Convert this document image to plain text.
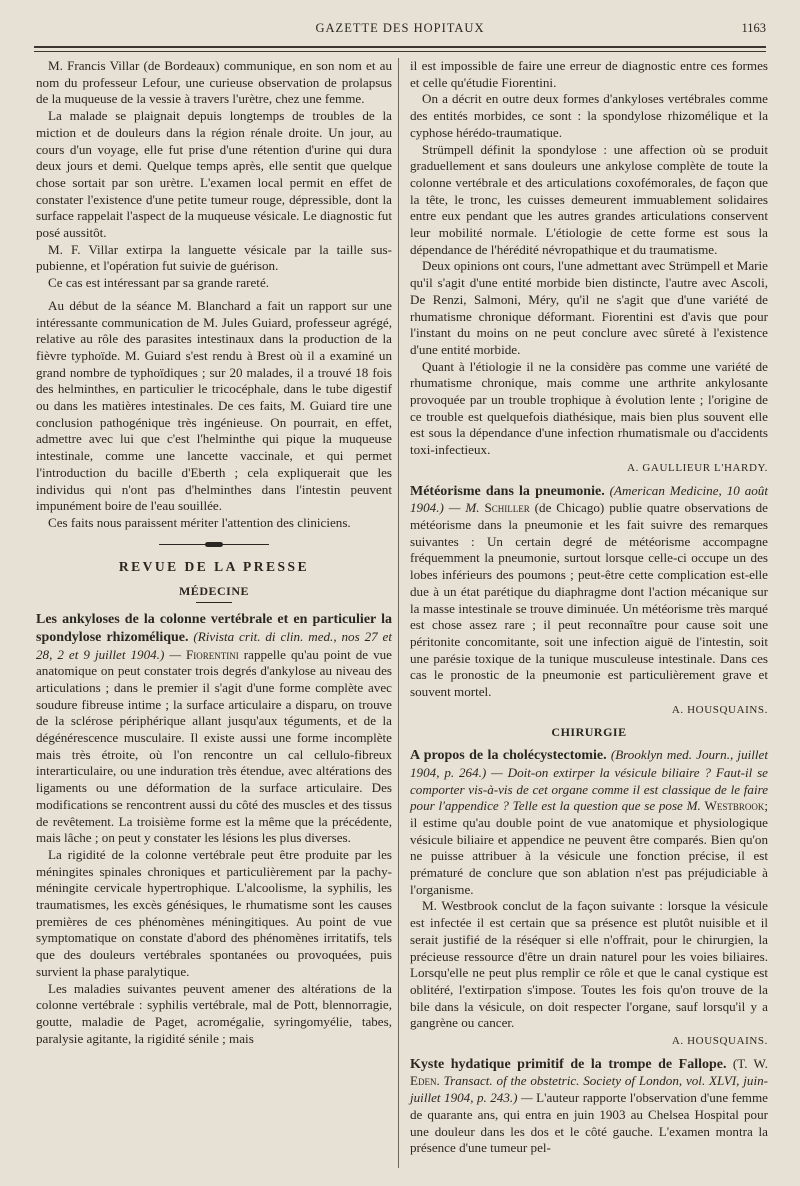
GAZETTE DES HOPITAUX	1163

M. Francis Villar (de Bordeaux) communique, en son nom et au nom du professeur Lefour, une curieuse observation de prolapsus de la muqueuse de la vessie à travers l'urètre, chez une femme.

La malade se plaignait depuis longtemps de troubles de la miction et de douleurs dans la région rénale droite. Un jour, au cours d'un voyage, elle fut prise d'une rétention d'urine qui dura deux jours et demi. Quelque temps après, elle sentit que quelque chose sortait par son urètre. L'examen local permit en effet de constater l'existence d'une petite tumeur rouge, dépressible, dont la surface rappelait l'aspect de la muqueuse vésicale. Le diagnostic fut posé aussitôt.

M. F. Villar extirpa la languette vésicale par la taille sus-pubienne, et l'opération fut suivie de guérison.

Ce cas est intéressant par sa grande rareté.

Au début de la séance M. Blanchard a fait un rapport sur une intéressante communication de M. Jules Guiard, professeur agrégé, relative au rôle des parasites intestinaux dans la production de la fièvre typhoïde. M. Guiard s'est rendu à Brest où il a examiné un grand nombre de typhoïdiques ; sur 20 malades, il a trouvé 18 fois des helminthes, en particulier le tricocéphale, dans le tube digestif ou dans les matières intestinales. De ces faits, M. Guiard tire une conclusion pathogénique très ingénieuse. On pourrait, en effet, admettre avec lui que c'est l'helminthe qui pique la muqueuse intestinale, comme une lancette vaccinale, et qui permet l'introduction du bacille d'Eberth ; cela expliquerait que les individus qui n'ont pas d'helminthes dans l'intestin peuvent impunément boire de l'eau souillée.

Ces faits nous paraissent mériter l'attention des cliniciens.

REVUE DE LA PRESSE
MÉDECINE

Les ankyloses de la colonne vertébrale et en particulier la spondylose rhizomélique. (Rivista crit. di clin. med., nos 27 et 28, 2 et 9 juillet 1904.) — Fiorentini rappelle qu'au point de vue anatomique on peut constater trois degrés d'ankylose au niveau des articulations ; dans le premier il s'agit d'une forme complète avec soudure fibreuse intime ; la surface articulaire a disparu, on trouve de la sclérose périphérique allant jusqu'aux téguments, et de la dégénérescence musculaire. Il existe aussi une forme incomplète mais très étroite, où l'on rencontre un cal cellulo-fibreux interarticulaire, ou une induration très étendue, avec altérations des ligaments ou une déformation de la surface articulaire. Des modifications se rencontrent aussi du côté des muscles et des tissus de revêtement. La troisième forme est la même que la précédente, mais lâche ; on peut y constater les lésions les plus diverses.

La rigidité de la colonne vertébrale peut être produite par les méningites spinales chroniques et particulièrement par la pachy-méningite cervicale hypertrophique. L'alcoolisme, la syphilis, les traumatismes, les excès génésiques, le rhumatisme sont les causes premières de ces phénomènes méningitiques. Au point de vue symptomatique on constate d'abord des phénomènes irritatifs, tels que des douleurs vertébrales spontanées ou provoquées, puis survient la phase paralytique.

Les maladies suivantes peuvent amener des altérations de la colonne vertébrale : syphilis vertébrale, mal de Pott, blennorragie, goutte, maladie de Paget, acromégalie, syringomyélie, tabes, paralysie agitante, la rigidité sénile ; mais

il est impossible de faire une erreur de diagnostic entre ces formes et celle qu'étudie Fiorentini.

On a décrit en outre deux formes d'ankyloses vertébrales comme des entités morbides, ce sont : la spondylose rhizomélique et la cyphose hérédo-traumatique.

Strümpell définit la spondylose : une affection où se produit graduellement et sans douleurs une ankylose complète de toute la colonne vertébrale et des articulations coxofémorales, de façon que la tête, le tronc, les cuisses demeurent immuablement solidaires entre eux pendant que les autres grandes articulations conservent leur mobilité normale. L'étiologie de cette forme est sous la dépendance de l'hérédité névropathique et du traumatisme.

Deux opinions ont cours, l'une admettant avec Strümpell et Marie qu'il s'agit d'une entité morbide bien distincte, l'autre avec Ascoli, De Renzi, Salmoni, Méry, qu'il ne s'agit que d'une variété de rhumatisme chronique déformant. Fiorentini est d'avis que pour l'instant du moins on ne peut conclure avec sûreté à l'existence d'une entité morbide.

Quant à l'étiologie il ne la considère pas comme une variété de rhumatisme chronique, mais comme une arthrite ankylosante provoquée par un trouble trophique à évolution lente ; l'origine de ce trouble est quelquefois diathésique, mais bien plus souvent elle est sous la dépendance d'une infection rhumatismale ou d'accidents toxi-infectieux.

A. GAULLIEUR L'HARDY.

Météorisme dans la pneumonie. (American Medicine, 10 août 1904.) — M. Schiller (de Chicago) publie quatre observations de météorisme dans la pneumonie et les fait suivre des remarques suivantes : Un certain degré de météorisme accompagne fréquemment la pneumonie, surtout lorsque celle-ci occupe un des lobes inférieurs des poumons ; peut-être cette complication est-elle due à un état parétique du diaphragme dont l'action mécanique sur la masse intestinale se trouve diminuée. Un météorisme très marqué est chose assez rare ; il peut reconnaître pour cause soit une péritonite concomitante, soit une infection aiguë de l'intestin, soit une parésie toxique de la tunique musculeuse intestinale. Dans ces cas le pronostic de la pneumonie est particulièrement grave et souvent mortel.

A. HOUSQUAINS.
CHIRURGIE

A propos de la cholécystectomie. (Brooklyn med. Journ., juillet 1904, p. 264.) — Doit-on extirper la vésicule biliaire ? Faut-il se comporter vis-à-vis de cet organe comme il est classique de le faire pour l'appendice ? Telle est la question que se pose M. Westbrook; il estime qu'au double point de vue anatomique et physiologique vésicule biliaire et appendice ne peuvent être comparés. Bien qu'on ne puisse attribuer à la vésicule une fonction précise, il est prématuré de conclure que son ablation n'est pas préjudiciable à l'organisme.

M. Westbrook conclut de la façon suivante : lorsque la vésicule est infectée il est certain que sa présence est plutôt nuisible et il serait justifié de la réséquer si elle n'offrait, pour le chirurgien, la précieuse ressource d'être un drain naturel pour les voies biliaires. Lorsqu'elle ne peut plus remplir ce rôle et que le canal cystique est oblitéré, l'extirpation s'impose. Toutes les fois qu'on trouve de la bile dans la vésicule, on doit respecter l'organe, sauf lorsqu'il y a gangrène ou cancer.

A. HOUSQUAINS.

Kyste hydatique primitif de la trompe de Fallope. (T. W. Eden. Transact. of the obstetric. Society of London, vol. XLVI, juin-juillet 1904, p. 243.) — L'auteur rapporte l'observation d'une femme de quarante ans, qui entra en juin 1903 au Chelsea Hospital pour une douleur dans les dos et le côté gauche. L'examen montra la présence d'une tumeur pel-
